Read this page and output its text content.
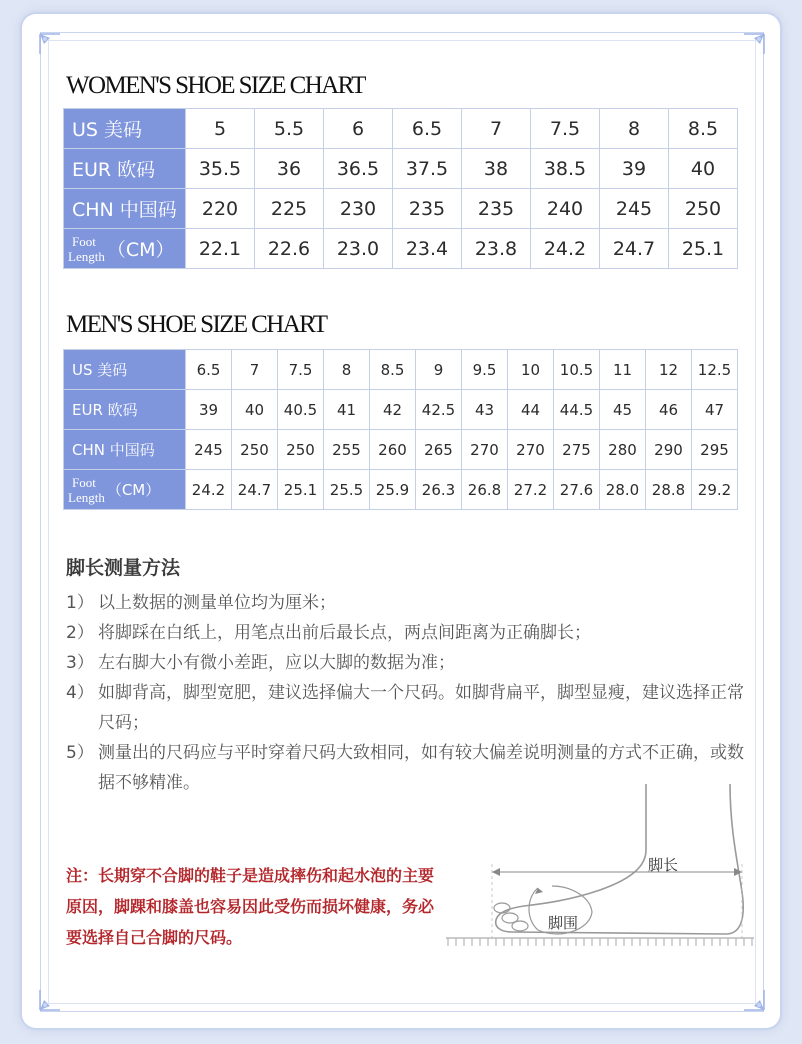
WOMEN'S SHOE SIZE CHART
US 美码	5	5.5	6	6.5	7	7.5	8	8.5
EUR 欧码	35.5	36	36.5	37.5	38	38.5	39	40
CHN 中国码	220	225	230	235	235	240	245	250

Foot
Length （CM）	22.1	22.6	23.0	23.4	23.8	24.2	24.7	25.1
MEN'S SHOE SIZE CHART
US 美码	6.5	7	7.5	8	8.5	9	9.5	10	10.5	11	12	12.5
EUR 欧码	39	40	40.5	41	42	42.5	43	44	44.5	45	46	47
CHN 中国码	245	250	250	255	260	265	270	270	275	280	290	295

Foot
Length （CM）	24.2	24.7	25.1	25.5	25.9	26.3	26.8	27.2	27.6	28.0	28.8	29.2
脚长测量方法
1） 以上数据的测量单位均为厘米；
2） 将脚踩在白纸上，用笔点出前后最长点，两点间距离为正确脚长；
3） 左右脚大小有微小差距，应以大脚的数据为准；
4） 如脚背高，脚型宽肥，建议选择偏大一个尺码。如脚背扁平，脚型显瘦，建议选择正常尺码；
5） 测量出的尺码应与平时穿着尺码大致相同，如有较大偏差说明测量的方式不正确，或数据不够精准。
注：长期穿不合脚的鞋子是造成摔伤和起水泡的主要原因，脚踝和膝盖也容易因此受伤而损坏健康，务必要选择自己合脚的尺码。
脚长
脚围
